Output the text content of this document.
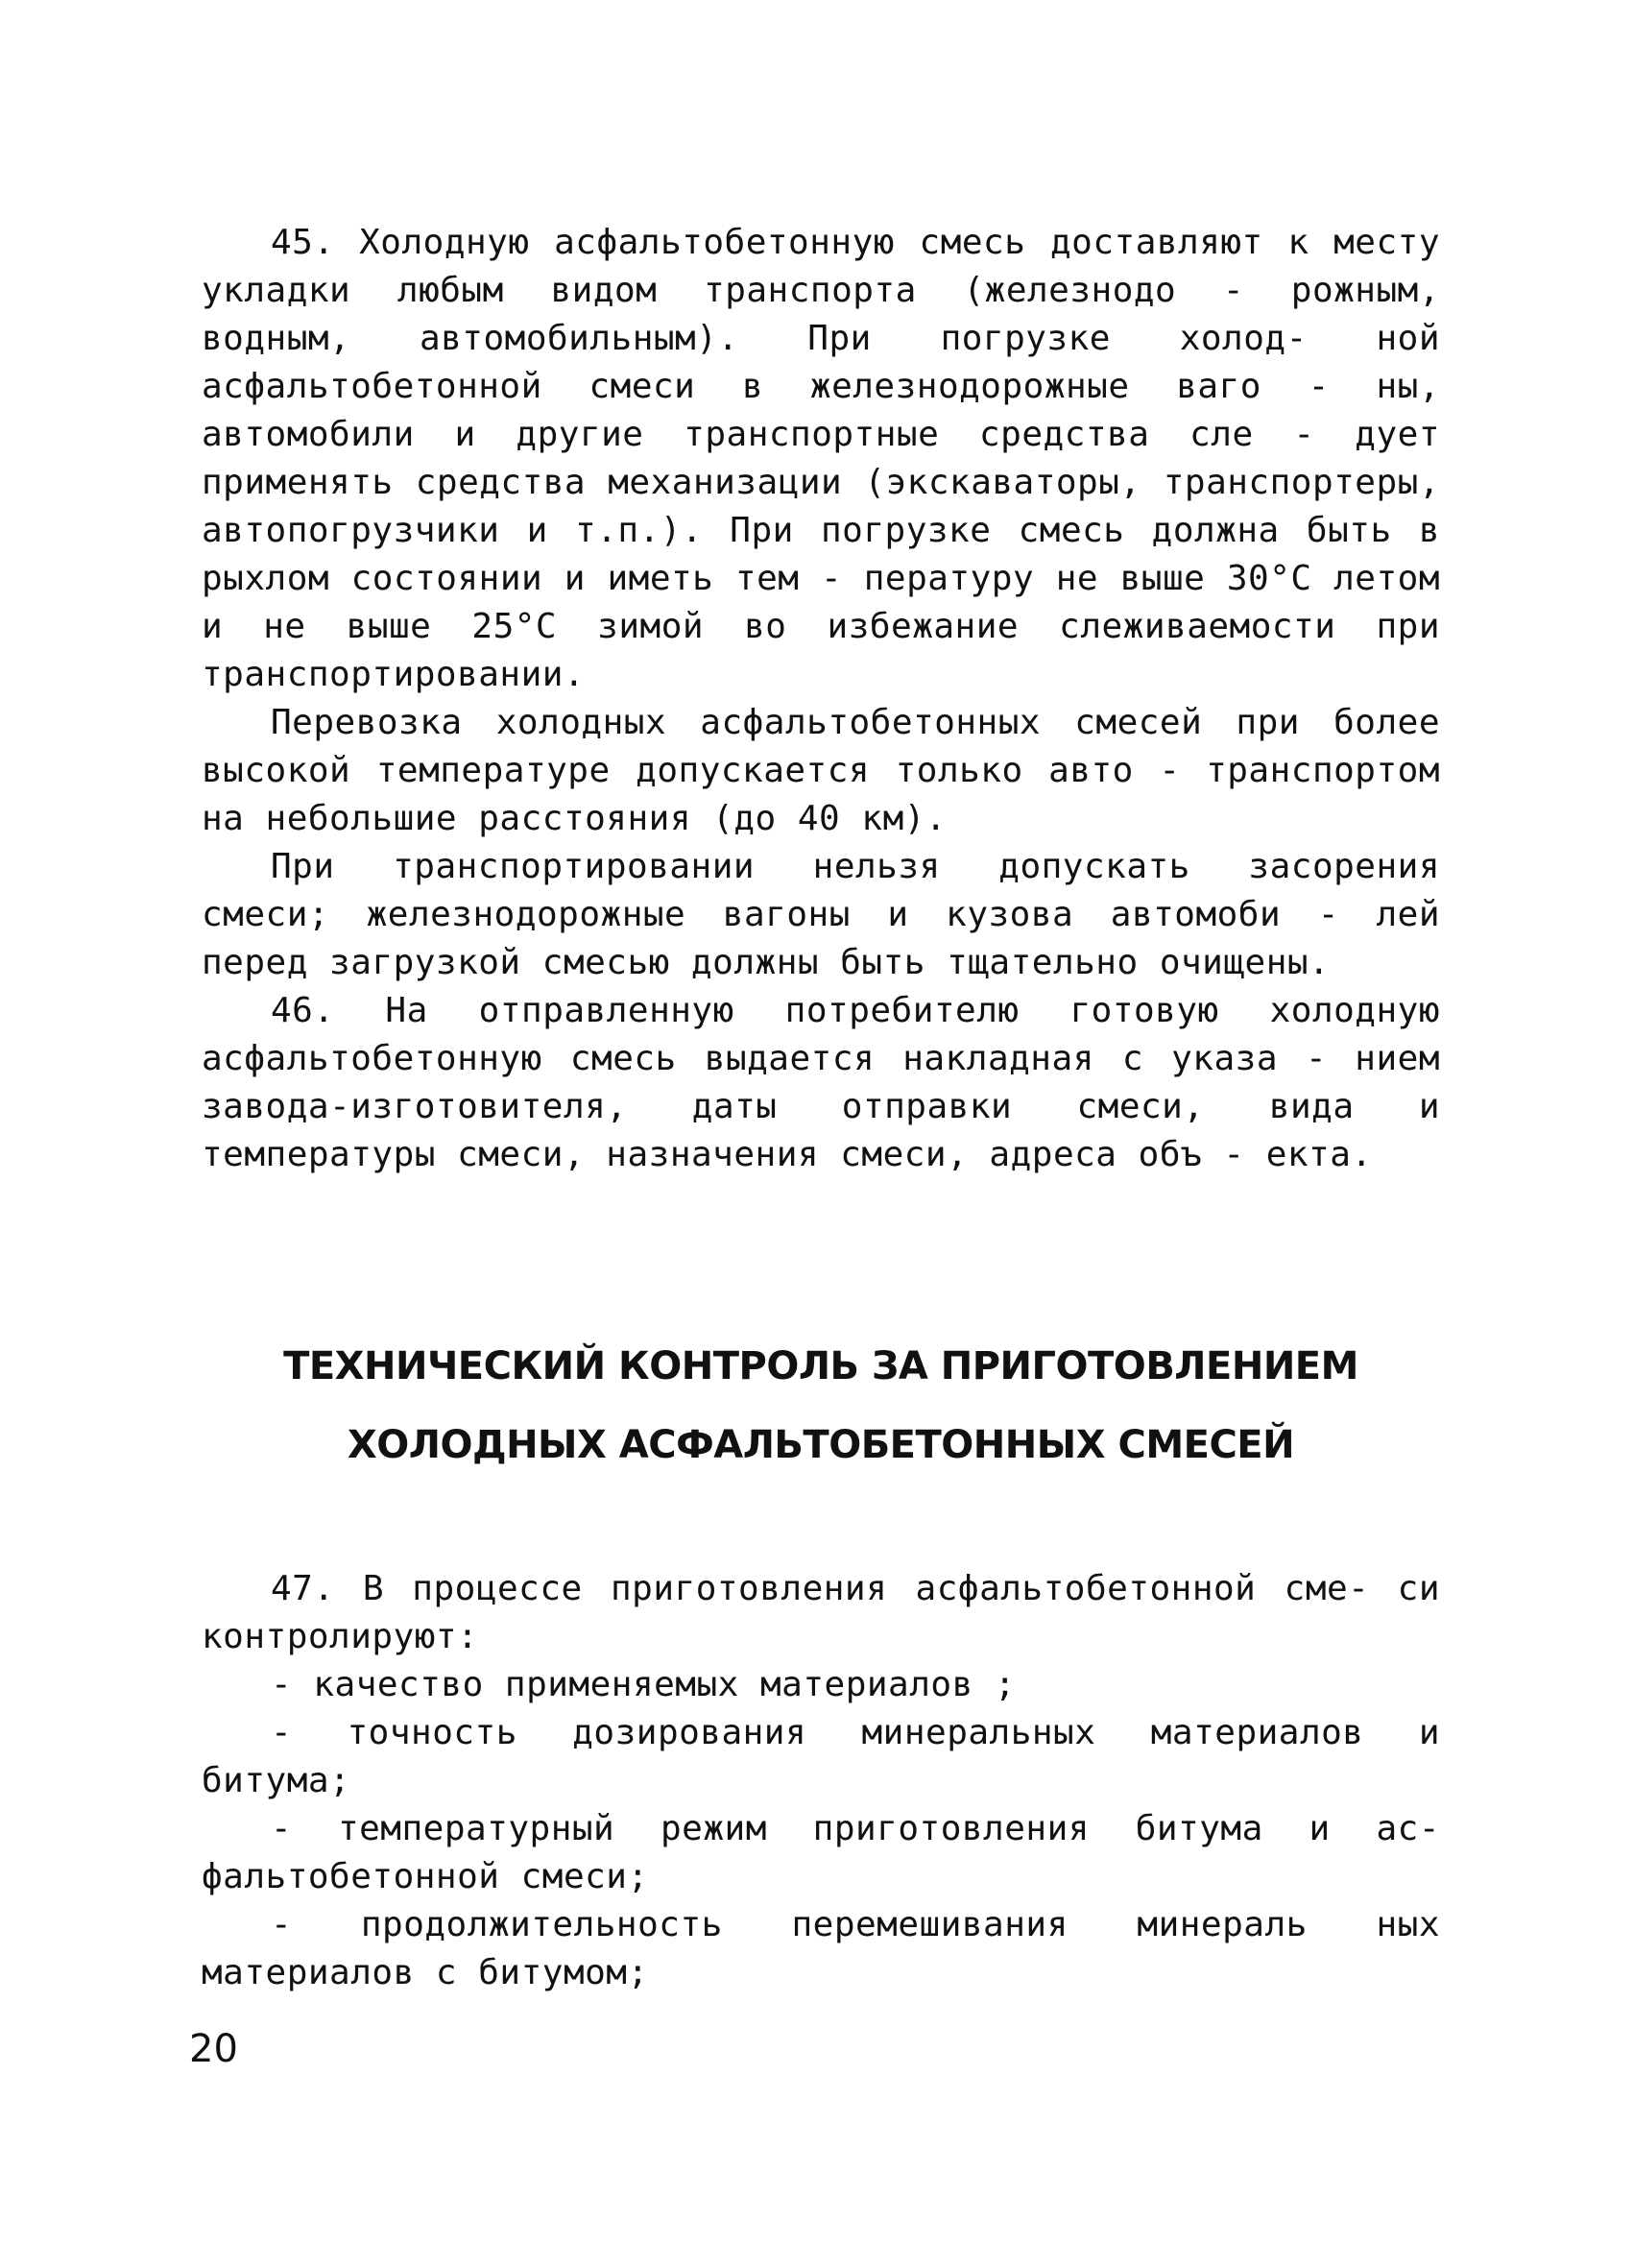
45. Холодную асфальтобетонную смесь доставляют к месту укладки любым видом транспорта (железнодо - рожным, водным, автомобильным). При погрузке холод- ной асфальтобетонной смеси в железнодорожные ваго - ны, автомобили и другие транспортные средства сле - дует применять средства механизации (экскаваторы, транспортеры, автопогрузчики и т.п.). При погрузке смесь должна быть в рыхлом состоянии и иметь тем - пературу не выше 30°С летом и не выше 25°С зимой во избежание слеживаемости при транспортировании.

Перевозка холодных асфальтобетонных смесей при более высокой температуре допускается только авто - транспортом на небольшие расстояния (до 40 км).

При транспортировании нельзя допускать засорения смеси; железнодорожные вагоны и кузова автомоби - лей перед загрузкой смесью должны быть тщательно очищены.

46. На отправленную потребителю готовую холодную асфальтобетонную смесь выдается накладная с указа - нием завода-изготовителя, даты отправки смеси, вида и температуры смеси, назначения смеси, адреса объ - екта.

ТЕХНИЧЕСКИЙ КОНТРОЛЬ ЗА ПРИГОТОВЛЕНИЕМ
ХОЛОДНЫХ АСФАЛЬТОБЕТОННЫХ СМЕСЕЙ

47. В процессе приготовления асфальтобетонной сме- си контролируют:

- качество применяемых материалов ;

- точность дозирования минеральных материалов и битума;

- температурный режим приготовления битума и ас- фальтобетонной смеси;

- продолжительность перемешивания минераль ных материалов с битумом;

20
